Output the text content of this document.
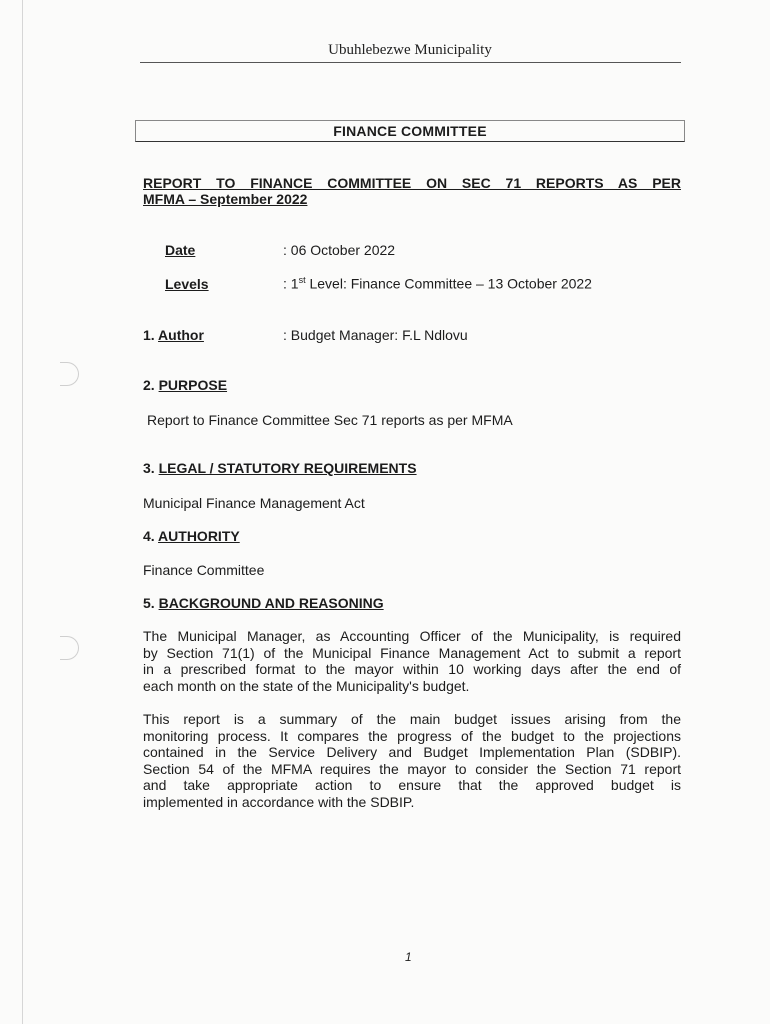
Ubuhlebezwe Municipality
FINANCE COMMITTEE
REPORT TO FINANCE COMMITTEE ON SEC 71 REPORTS AS PER
MFMA – September 2022
Date	: 06 October 2022
Levels	: 1st Level: Finance Committee – 13 October 2022
1. Author	: Budget Manager: F.L Ndlovu
2. PURPOSE
Report to Finance Committee Sec 71 reports as per MFMA
3. LEGAL / STATUTORY REQUIREMENTS
Municipal Finance Management Act
4. AUTHORITY
Finance Committee
5. BACKGROUND AND REASONING
The Municipal Manager, as Accounting Officer of the Municipality, is required
by Section 71(1) of the Municipal Finance Management Act to submit a report
in a prescribed format to the mayor within 10 working days after the end of
each month on the state of the Municipality's budget.
This report is a summary of the main budget issues arising from the
monitoring process. It compares the progress of the budget to the projections
contained in the Service Delivery and Budget Implementation Plan (SDBIP).
Section 54 of the MFMA requires the mayor to consider the Section 71 report
and take appropriate action to ensure that the approved budget is
implemented in accordance with the SDBIP.
1
